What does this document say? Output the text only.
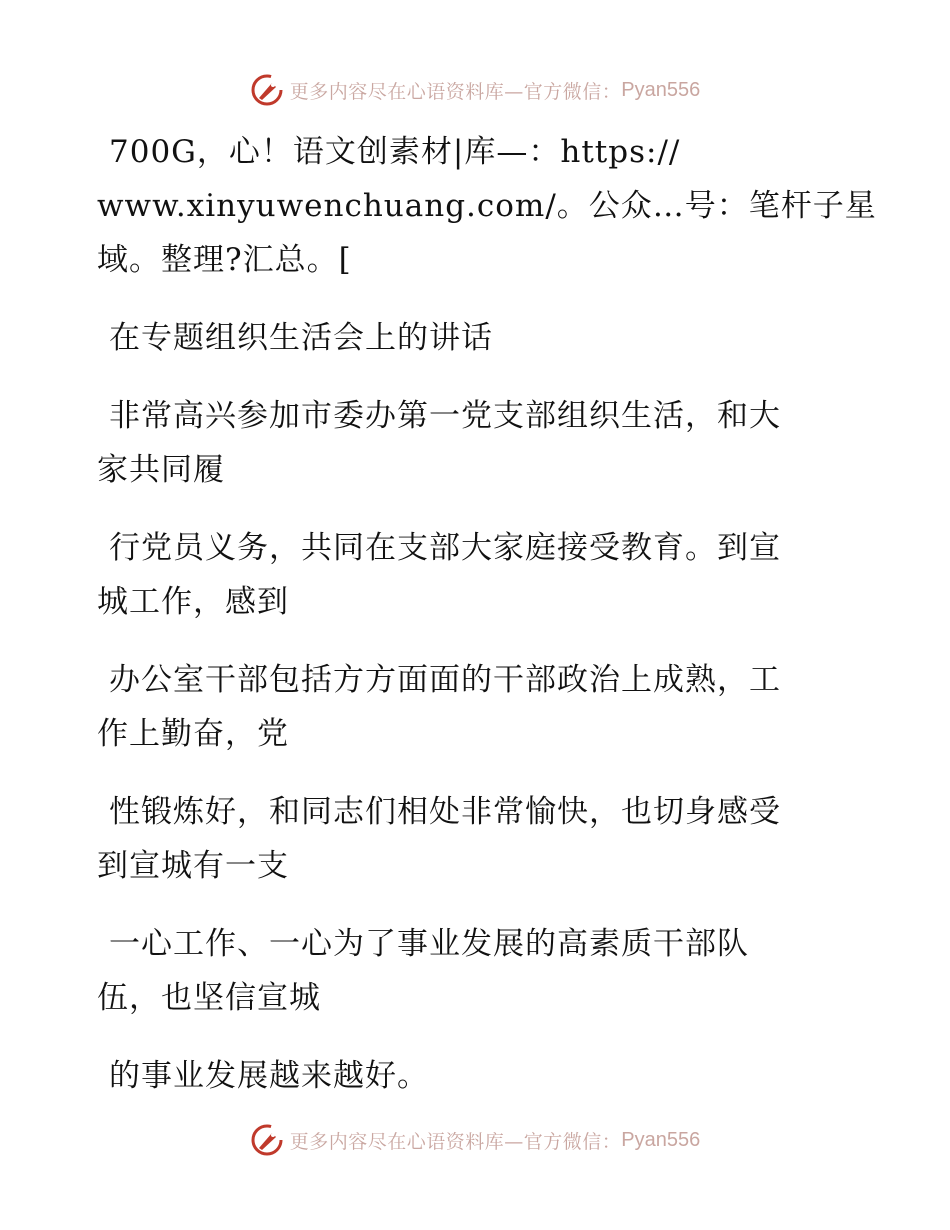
更多内容尽在心语资料库—官方微信： Pyan556
700G，心！语文创素材|库—：https://
www.xinyuwenchuang.com/。公众…号：笔杆子星
域。整理?汇总。[
在专题组织生活会上的讲话
非常高兴参加市委办第一党支部组织生活，和大
家共同履
行党员义务，共同在支部大家庭接受教育。到宣
城工作，感到
办公室干部包括方方面面的干部政治上成熟，工
作上勤奋，党
性锻炼好，和同志们相处非常愉快，也切身感受
到宣城有一支
一心工作、一心为了事业发展的高素质干部队
伍，也坚信宣城
的事业发展越来越好。
更多内容尽在心语资料库—官方微信： Pyan556
